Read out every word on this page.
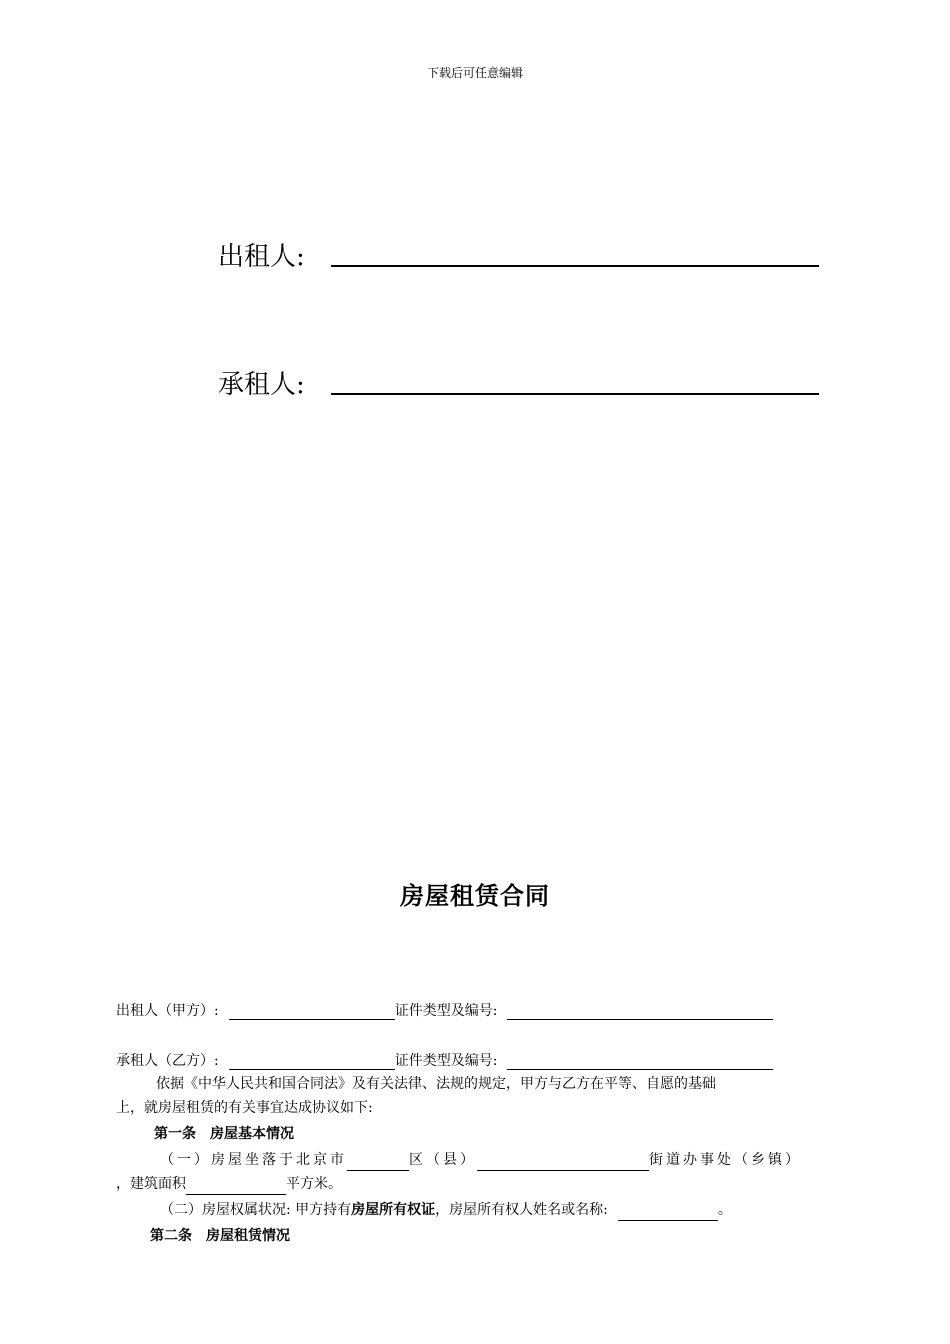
下载后可任意编辑
出租人:
承租人:
房屋租赁合同
出租人（甲方）:	证件类型及编号:
承租人（乙方）:	证件类型及编号:
依据《中华人民共和国合同法》及有关法律、法规的规定，甲方与乙方在平等、自愿的基础
上，就房屋租赁的有关事宜达成协议如下:
第一条　房屋基本情况
（一）房屋坐落于北京市	区（县）	街道办事处（乡镇）
，建筑面积	平方米。
（二）房屋权属状况: 甲方持有 房屋所有权证 ，房屋所有权人姓名或名称:	。
第二条　房屋租赁情况
